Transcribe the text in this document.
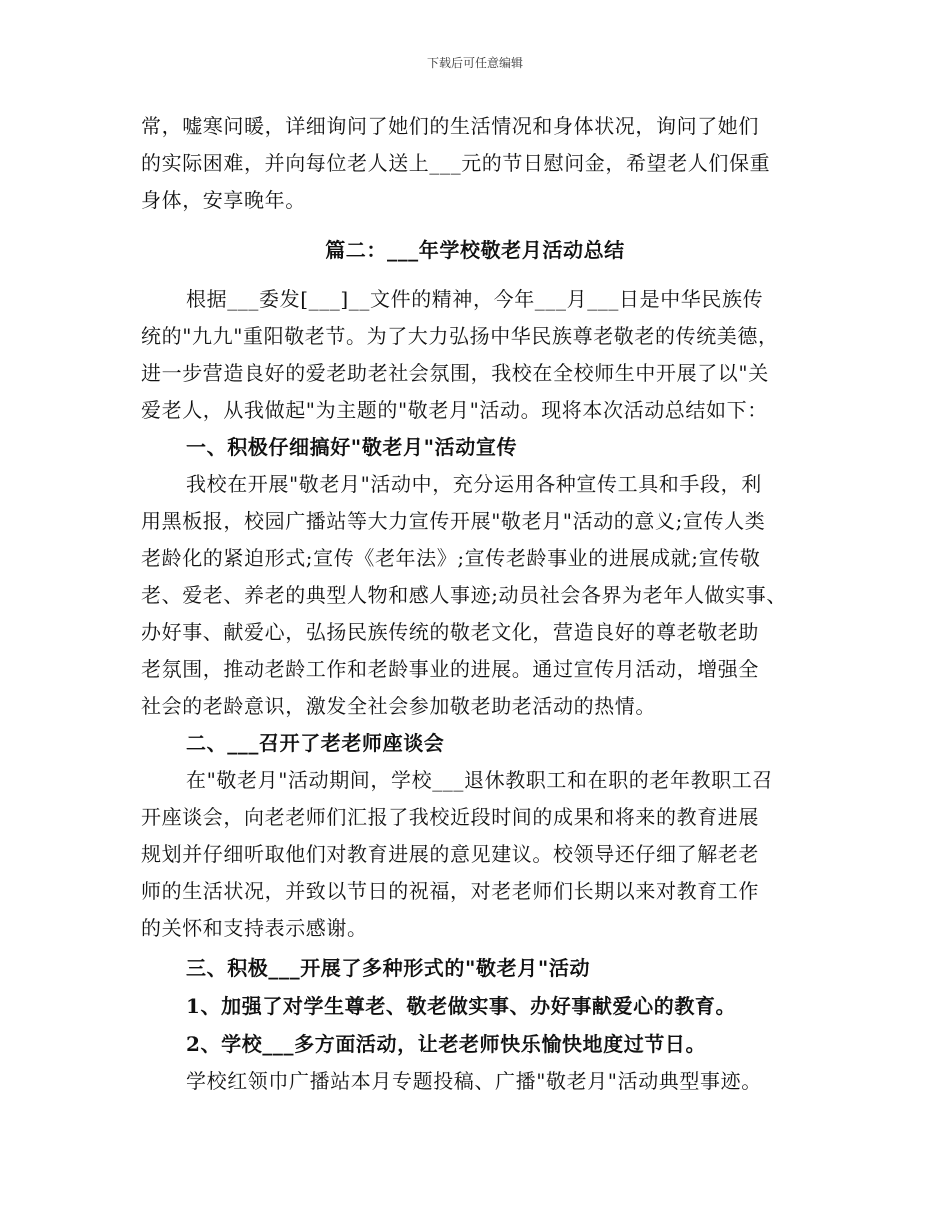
下载后可任意编辑
常，嘘寒问暖，详细询问了她们的生活情况和身体状况，询问了她们
的实际困难，并向每位老人送上___元的节日慰问金，希望老人们保重
身体，安享晚年。
篇二：___年学校敬老月活动总结
根据___委发[___]__文件的精神，今年___月___日是中华民族传
统的"九九"重阳敬老节。为了大力弘扬中华民族尊老敬老的传统美德，
进一步营造良好的爱老助老社会氛围，我校在全校师生中开展了以"关
爱老人，从我做起"为主题的"敬老月"活动。现将本次活动总结如下：
一、积极仔细搞好"敬老月"活动宣传
我校在开展"敬老月"活动中，充分运用各种宣传工具和手段，利
用黑板报，校园广播站等大力宣传开展"敬老月"活动的意义;宣传人类
老龄化的紧迫形式;宣传《老年法》;宣传老龄事业的进展成就;宣传敬
老、爱老、养老的典型人物和感人事迹;动员社会各界为老年人做实事、
办好事、献爱心，弘扬民族传统的敬老文化，营造良好的尊老敬老助
老氛围，推动老龄工作和老龄事业的进展。通过宣传月活动，增强全
社会的老龄意识，激发全社会参加敬老助老活动的热情。
二、___召开了老老师座谈会
在"敬老月"活动期间，学校___退休教职工和在职的老年教职工召
开座谈会，向老老师们汇报了我校近段时间的成果和将来的教育进展
规划并仔细听取他们对教育进展的意见建议。校领导还仔细了解老老
师的生活状况，并致以节日的祝福，对老老师们长期以来对教育工作
的关怀和支持表示感谢。
三、积极___开展了多种形式的"敬老月"活动
1、加强了对学生尊老、敬老做实事、办好事献爱心的教育。
2、学校___多方面活动，让老老师快乐愉快地度过节日。
学校红领巾广播站本月专题投稿、广播"敬老月"活动典型事迹。
